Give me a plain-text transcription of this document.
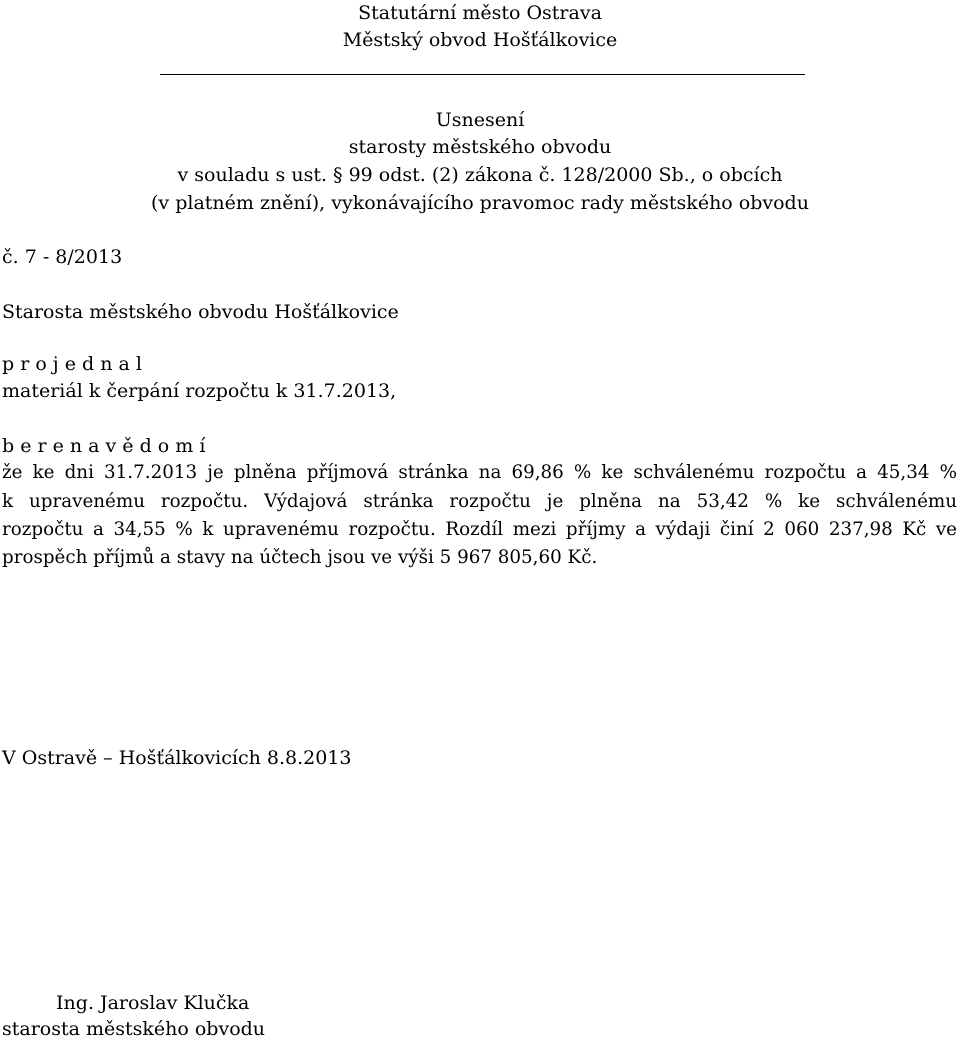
Statutární město Ostrava
Městský obvod Hošťálkovice
Usnesení
starosty městského obvodu
v souladu s ust. § 99 odst. (2) zákona č. 128/2000 Sb., o obcích
(v platném znění), vykonávajícího pravomoc rady městského obvodu
č. 7 - 8/2013
Starosta městského obvodu Hošťálkovice
p r o j e d n a l
materiál k čerpání rozpočtu k 31.7.2013,
b e r e n a v ě d o m í
že ke dni 31.7.2013 je plněna příjmová stránka na 69,86 % ke schválenému rozpočtu a 45,34 %
k upravenému rozpočtu. Výdajová stránka rozpočtu je plněna na 53,42 % ke schválenému
rozpočtu a 34,55 % k upravenému rozpočtu. Rozdíl mezi příjmy a výdaji činí 2 060 237,98 Kč ve
prospěch příjmů a stavy na účtech jsou ve výši 5 967 805,60 Kč.
V Ostravě – Hošťálkovicích 8.8.2013
Ing. Jaroslav Klučka
starosta městského obvodu
